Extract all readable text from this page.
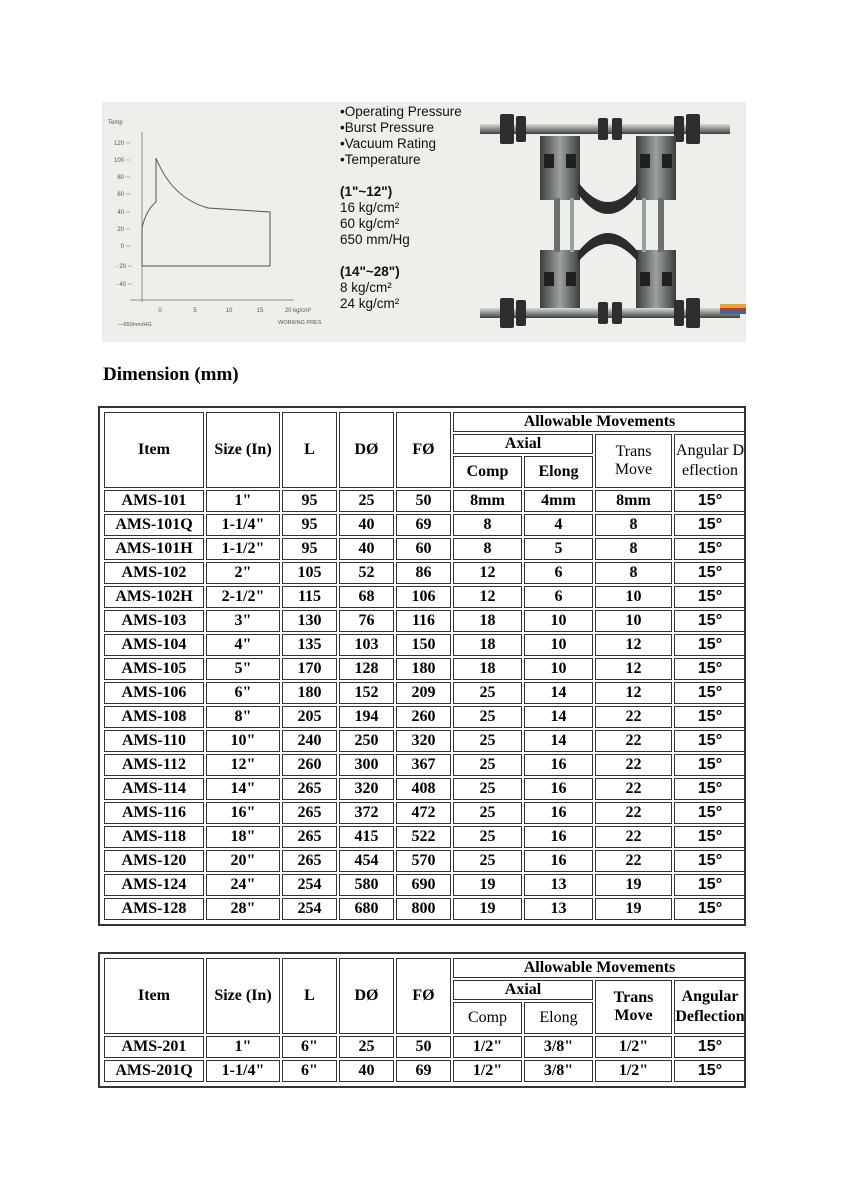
Temp
120
100
80
60
40
20
0
- 20
- 40
0	5	10	15	20 kg/cm²
—650mm/HG	WORKING PRES
•Operating Pressure
•Burst Pressure
•Vacuum Rating
•Temperature
(1"~12")
16 kg/cm²
60 kg/cm²
650 mm/Hg
(14"~28")
8 kg/cm²
24 kg/cm²
Dimension (mm)
Item	Size (In)	L	DØ	FØ	Allowable Movements			
					Axial		Trans Move	Angular Deflection
					Comp	Elong		
AMS-101	1"	95	25	50	8mm	4mm	8mm	15°
AMS-101Q	1-1/4"	95	40	69	8	4	8	15°
AMS-101H	1-1/2"	95	40	60	8	5	8	15°
AMS-102	2"	105	52	86	12	6	8	15°
AMS-102H	2-1/2"	115	68	106	12	6	10	15°
AMS-103	3"	130	76	116	18	10	10	15°
AMS-104	4"	135	103	150	18	10	12	15°
AMS-105	5"	170	128	180	18	10	12	15°
AMS-106	6"	180	152	209	25	14	12	15°
AMS-108	8"	205	194	260	25	14	22	15°
AMS-110	10"	240	250	320	25	14	22	15°
AMS-112	12"	260	300	367	25	16	22	15°
AMS-114	14"	265	320	408	25	16	22	15°
AMS-116	16"	265	372	472	25	16	22	15°
AMS-118	18"	265	415	522	25	16	22	15°
AMS-120	20"	265	454	570	25	16	22	15°
AMS-124	24"	254	580	690	19	13	19	15°
AMS-128	28"	254	680	800	19	13	19	15°
Item	Size (In)	L	DØ	FØ	Allowable Movements			
					Axial		Trans Move	Angular Deflection
					Comp	Elong		
AMS-201	1"	6"	25	50	1/2"	3/8"	1/2"	15°
AMS-201Q	1-1/4"	6"	40	69	1/2"	3/8"	1/2"	15°
